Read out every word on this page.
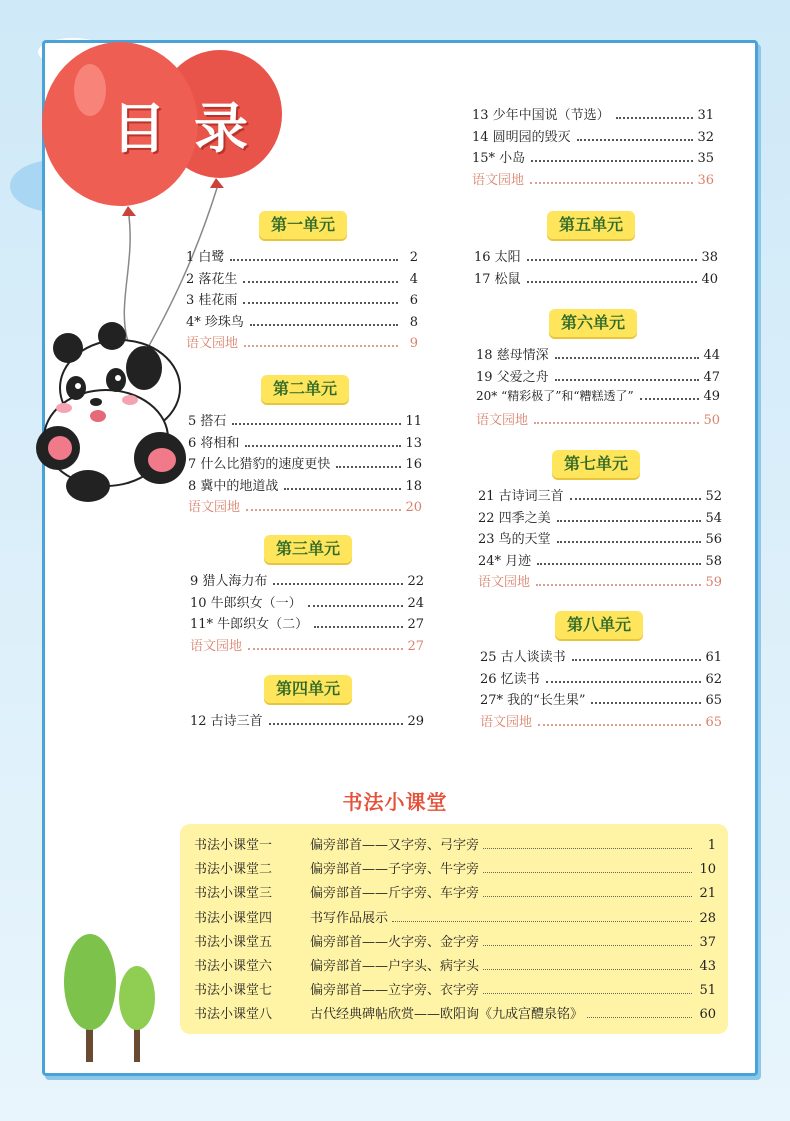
目录
第一单元
1 白鹭	2
2 落花生	4
3 桂花雨	6
4* 珍珠鸟	8
语文园地	9
第二单元
5 搭石	11
6 将相和	13
7 什么比猎豹的速度更快	16
8 冀中的地道战	18
语文园地	20
第三单元
9 猎人海力布	22
10 牛郎织女（一）	24
11* 牛郎织女（二）	27
语文园地	27
第四单元
12 古诗三首	29
13 少年中国说（节选）	31
14 圆明园的毁灭	32
15* 小岛	35
语文园地	36
第五单元
16 太阳	38
17 松鼠	40
第六单元
18 慈母情深	44
19 父爱之舟	47
20* “精彩极了”和“糟糕透了”	49
语文园地	50
第七单元
21 古诗词三首	52
22 四季之美	54
23 鸟的天堂	56
24* 月迹	58
语文园地	59
第八单元
25 古人谈读书	61
26 忆读书	62
27* 我的“长生果”	65
语文园地	65
书法小课堂
书法小课堂一	偏旁部首——又字旁、弓字旁	1
书法小课堂二	偏旁部首——子字旁、牛字旁	10
书法小课堂三	偏旁部首——斤字旁、车字旁	21
书法小课堂四	书写作品展示	28
书法小课堂五	偏旁部首——火字旁、金字旁	37
书法小课堂六	偏旁部首——户字头、病字头	43
书法小课堂七	偏旁部首——立字旁、衣字旁	51
书法小课堂八	古代经典碑帖欣赏——欧阳询《九成宫醴泉铭》	60
